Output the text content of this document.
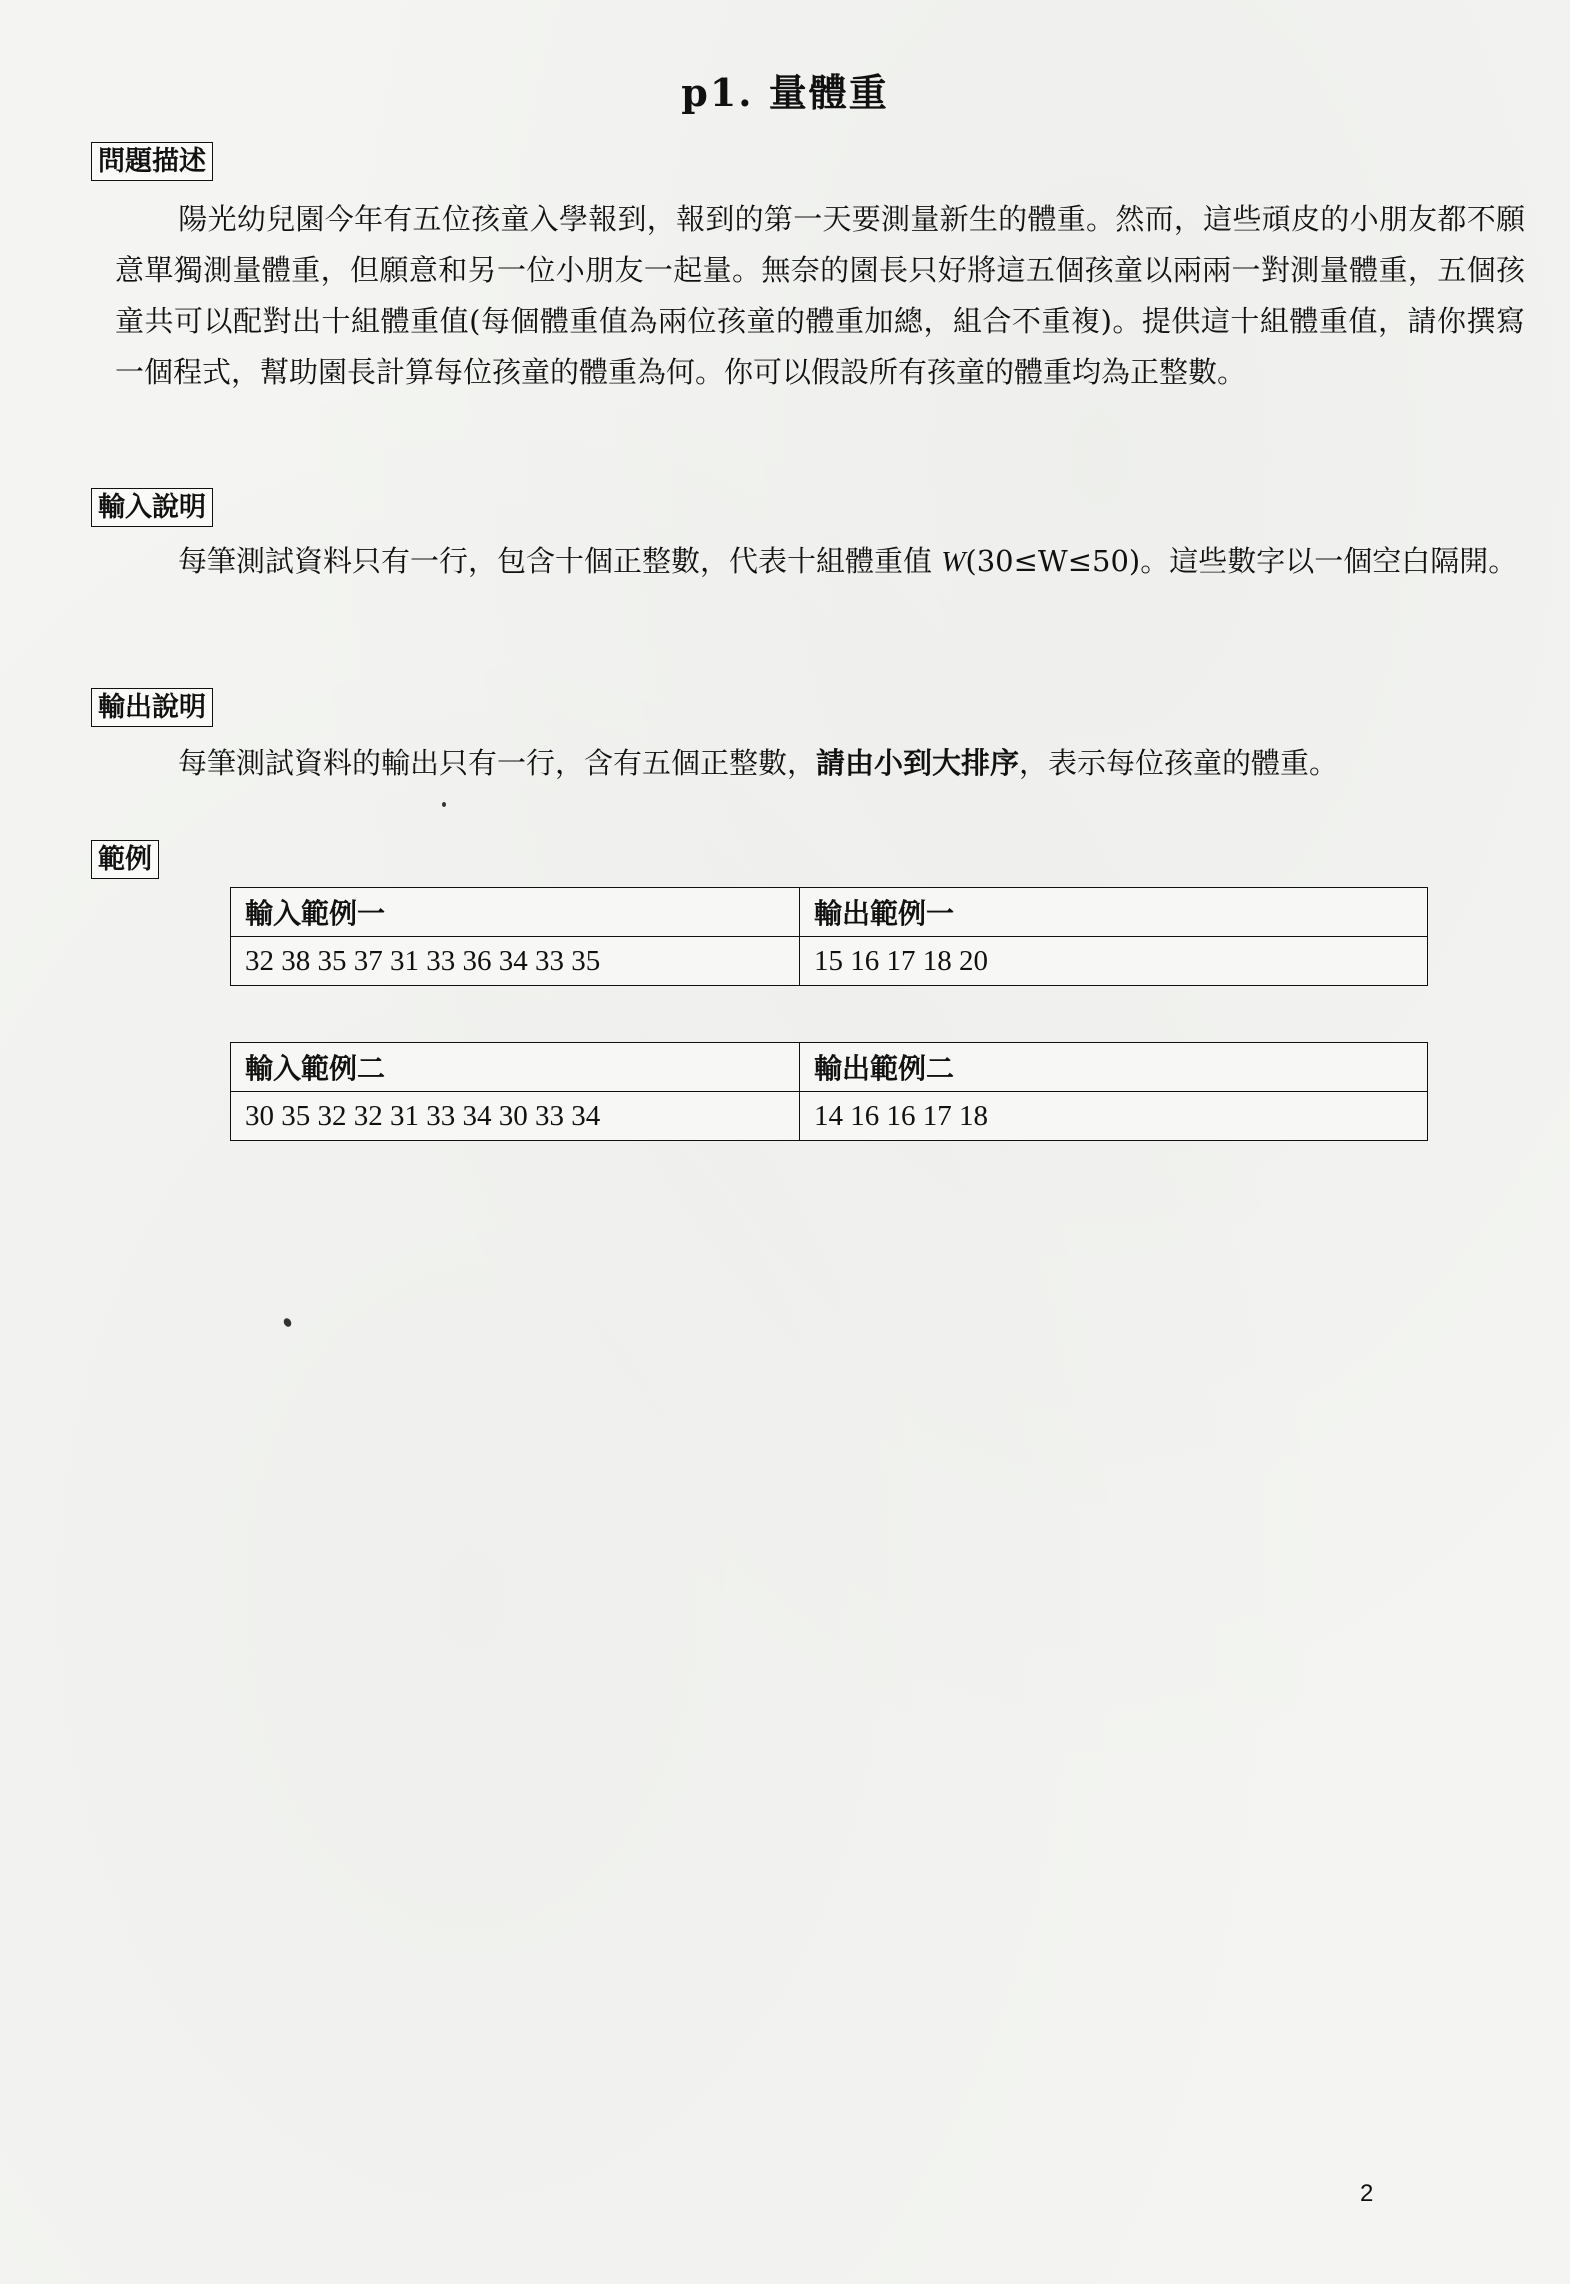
p1. 量體重
問題描述
陽光幼兒園今年有五位孩童入學報到，報到的第一天要測量新生的體重。然而，這些頑皮的小朋友都不願意單獨測量體重，但願意和另一位小朋友一起量。無奈的園長只好將這五個孩童以兩兩一對測量體重，五個孩童共可以配對出十組體重值(每個體重值為兩位孩童的體重加總，組合不重複)。提供這十組體重值，請你撰寫一個程式，幫助園長計算每位孩童的體重為何。你可以假設所有孩童的體重均為正整數。
輸入說明
每筆測試資料只有一行，包含十個正整數，代表十組體重值 W(30≤W≤50)。這些數字以一個空白隔開。
輸出說明
每筆測試資料的輸出只有一行，含有五個正整數，請由小到大排序，表示每位孩童的體重。
範例
輸入範例一	輸出範例一
32 38 35 37 31 33 36 34 33 35	15 16 17 18 20
輸入範例二	輸出範例二
30 35 32 32 31 33 34 30 33 34	14 16 16 17 18
2
